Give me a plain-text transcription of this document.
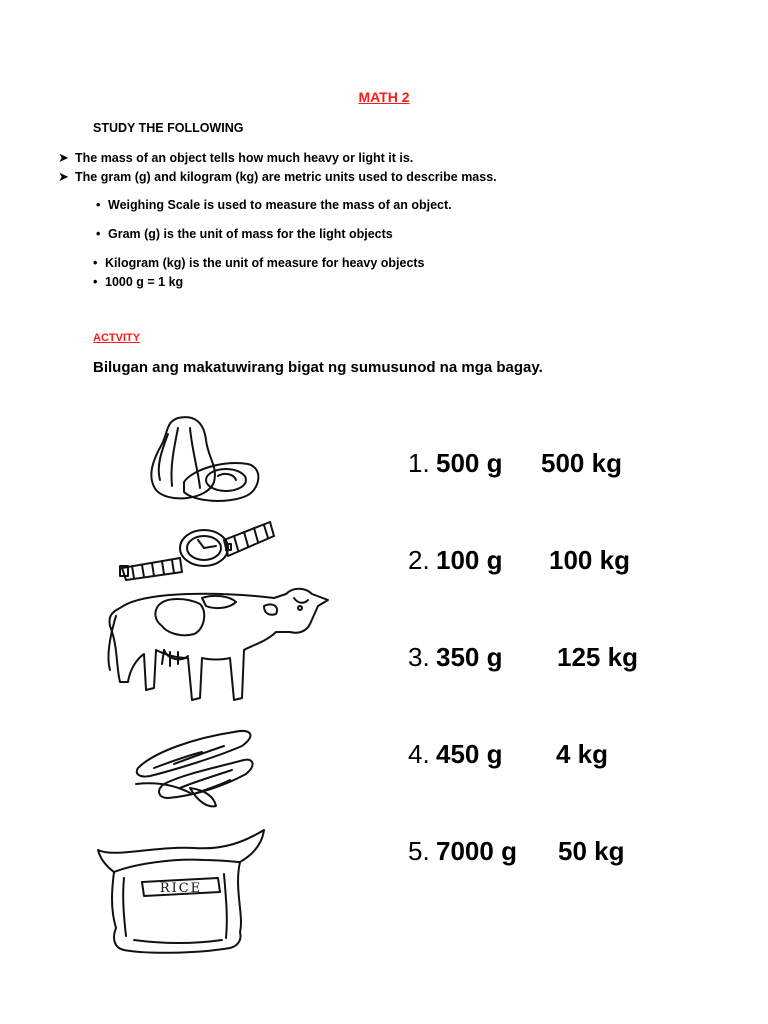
MATH 2
STUDY THE FOLLOWING
➤ The mass of an object tells how much heavy or light it is.
➤ The gram (g) and kilogram (kg) are metric units used to describe mass.
• Weighing Scale is used to measure the mass of an object.
• Gram (g) is the unit of mass for the light objects
• Kilogram (kg) is the unit of measure for heavy objects
• 1000 g = 1 kg
ACTVITY
Bilugan ang makatuwirang bigat ng sumusunod na mga bagay.
RICE
1. 500 g	500 kg
2. 100 g	100 kg
3. 350 g	125 kg
4. 450 g	4 kg
5. 7000 g	50 kg
